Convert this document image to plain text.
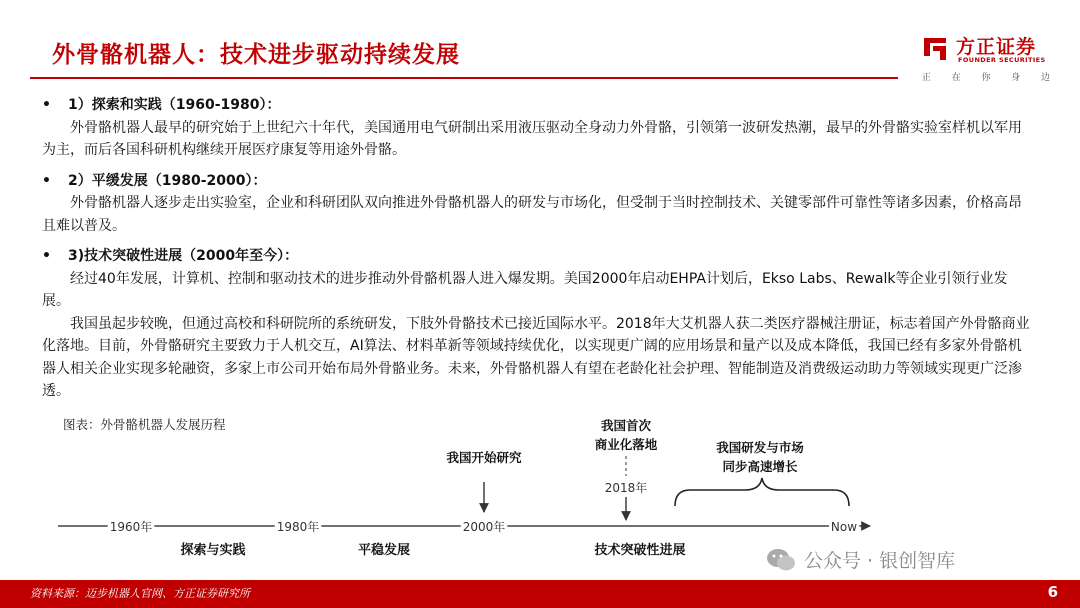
外骨骼机器人：技术进步驱动持续发展	方正证券
FOUNDER SECURITIES
正 在 你 身 边
•	1）探索和实践（1960-1980）：
外骨骼机器人最早的研究始于上世纪六十年代，美国通用电气研制出采用液压驱动全身动力外骨骼，引领第一波研发热潮，最早的外骨骼实验室样机以军用为主，而后各国科研机构继续开展医疗康复等用途外骨骼。
•	2）平缓发展（1980-2000）：
外骨骼机器人逐步走出实验室，企业和科研团队双向推进外骨骼机器人的研发与市场化，但受制于当时控制技术、关键零部件可靠性等诸多因素，价格高昂且难以普及。
•	3)技术突破性进展（2000年至今）：
经过40年发展，计算机、控制和驱动技术的进步推动外骨骼机器人进入爆发期。美国2000年启动EHPA计划后，Ekso Labs、Rewalk等企业引领行业发展。
我国虽起步较晚，但通过高校和科研院所的系统研发，下肢外骨骼技术已接近国际水平。2018年大艾机器人获二类医疗器械注册证，标志着国产外骨骼商业化落地。目前，外骨骼研究主要致力于人机交互，AI算法、材料革新等领域持续优化，以实现更广阔的应用场景和量产以及成本降低，我国已经有多家外骨骼机器人相关企业实现多轮融资，多家上市公司开始布局外骨骼业务。未来，外骨骼机器人有望在老龄化社会护理、智能制造及消费级运动助力等领域实现更广泛渗透。
图表：外骨骼机器人发展历程
1960年	1980年	2000年	Now
我国开始研究
我国首次
商业化落地
2018年
我国研发与市场
同步高速增长
探索与实践	平稳发展	技术突破性进展	公众号 · 银创智库
资料来源：迈步机器人官网、方正证券研究所	6
